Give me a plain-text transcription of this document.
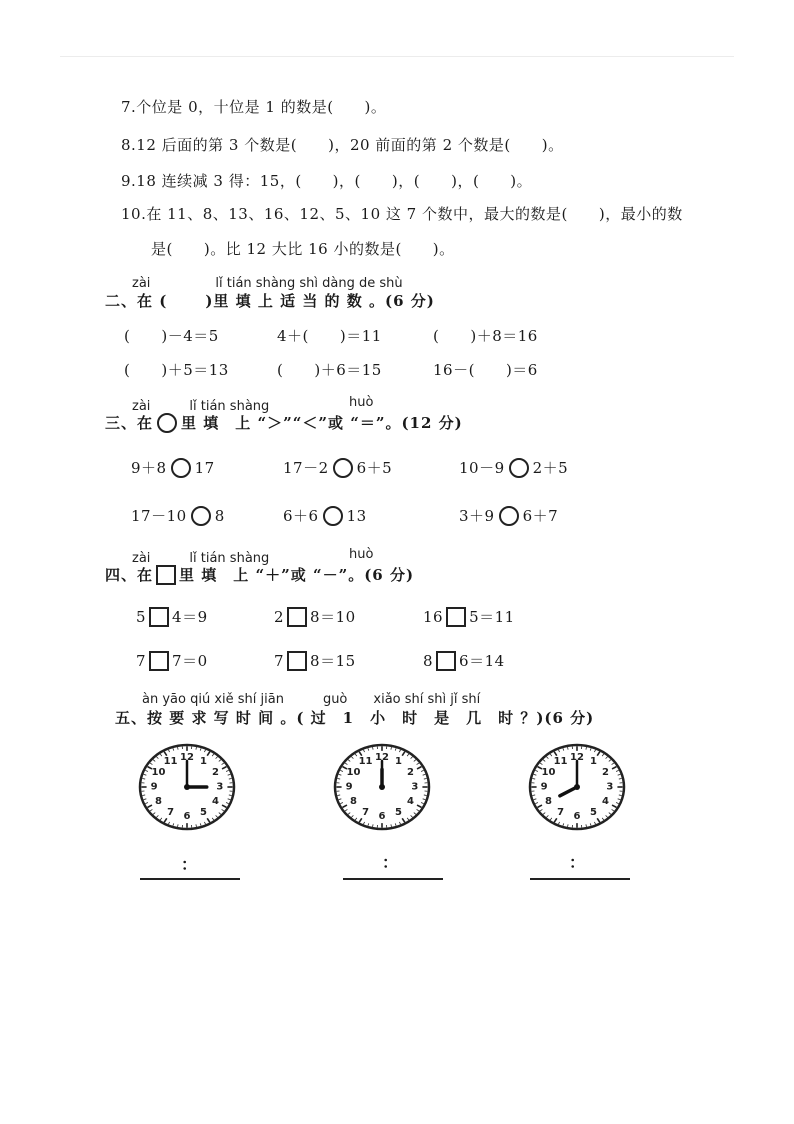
7.个位是 0，十位是 1 的数是(　　)。
8.12 后面的第 3 个数是(　　)，20 前面的第 2 个数是(　　)。
9.18 连续减 3 得：15，(　　)，(　　)，(　　)，(　　)。
10.在 11、8、13、16、12、5、10 这 7 个数中，最大的数是(　　)，最小的数
是(　　)。比 12 大比 16 小的数是(　　)。
zài　　　　　lǐ tián shàng shì dàng de shù
二、在 (	)里 填 上 适 当 的 数 。(6 分)
(　　)－4＝5	4＋(　　)＝11	(　　)＋8＝16
(　　)＋5＝13	(　　)＋6＝15	16－(　　)＝6
zài　　　lǐ tián shàng	huò
三、在 里 填　上 “＞”“＜”或 “＝”。(12 分)
9＋8 17	17－2 6＋5	10－9 2＋5
17－10 8	6＋6 13	3＋9 6＋7
zài　　　lǐ tián shàng	huò
四、在 里 填　上 “＋”或 “－”。(6 分)
5 4＝9	2 8＝10	16 5＝11
7 7＝0	7 8＝15	8 6＝14
àn yāo qiú xiě shí jiān　　　guò　　xiǎo shí shì jǐ shí
五、按 要 求 写 时 间 。( 过　1　小　时　是　几　时 ？)(6 分)
1
2
3
4
5
6
7
8
9
10
11 12	1
2
3
4
5
6
7
8
9
10
11 12	1
2
3
4
5
6
7
8
9
10
11 12
：	：	：
